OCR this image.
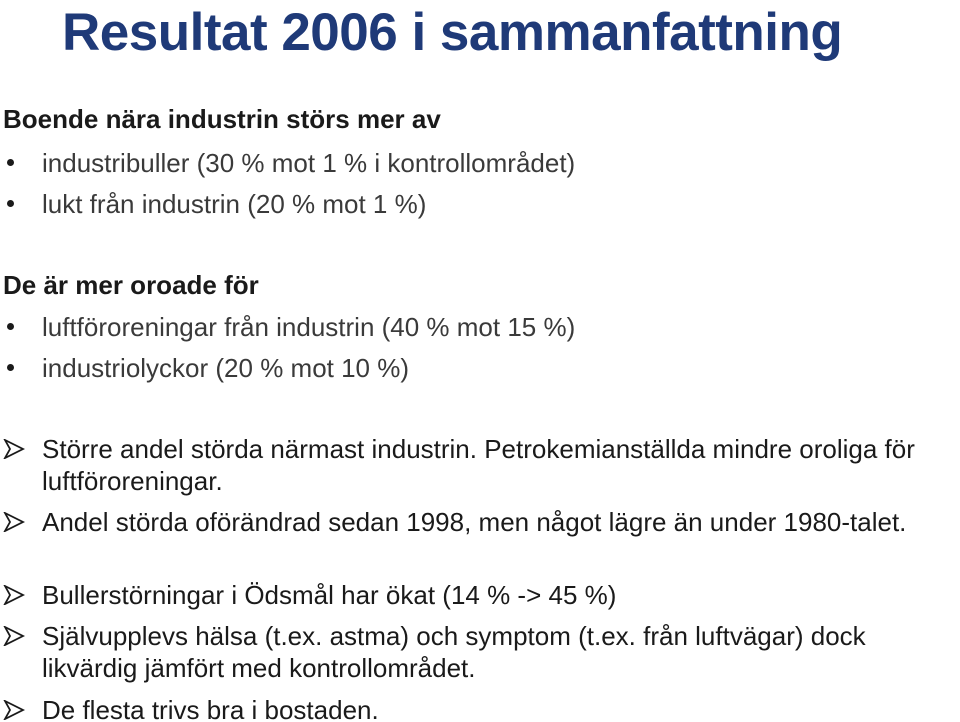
Resultat 2006 i sammanfattning
Boende nära industrin störs mer av
industribuller (30 % mot 1 % i kontrollområdet)
lukt från industrin (20 % mot 1 %)
De är mer oroade för
luftföroreningar från industrin (40 % mot 15 %)
industriolyckor (20 % mot 10 %)
Större andel störda närmast industrin. Petrokemianställda mindre oroliga för luftföroreningar.
Andel störda oförändrad sedan 1998, men något lägre än under 1980-talet.
Bullerstörningar i Ödsmål har ökat (14 % -> 45 %)
Självupplevs hälsa (t.ex. astma) och symptom (t.ex. från luftvägar) dock likvärdig jämfört med kontrollområdet.
De flesta trivs bra i bostaden.
